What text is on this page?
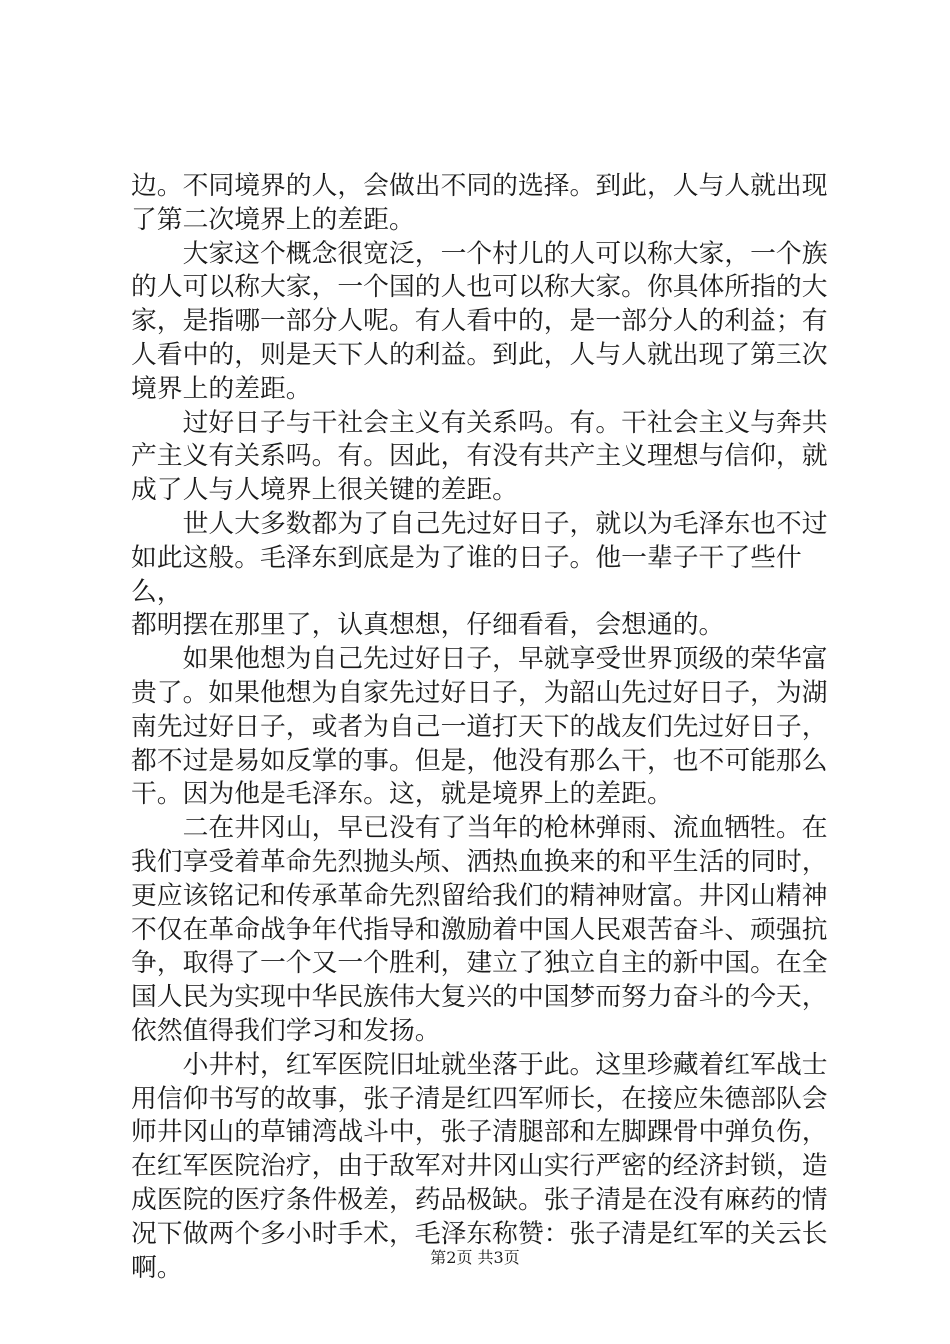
边。不同境界的人，会做出不同的选择。到此，人与人就出现
了第二次境界上的差距。

大家这个概念很宽泛，一个村儿的人可以称大家，一个族
的人可以称大家，一个国的人也可以称大家。你具体所指的大
家，是指哪一部分人呢。有人看中的，是一部分人的利益；有
人看中的，则是天下人的利益。到此，人与人就出现了第三次
境界上的差距。

过好日子与干社会主义有关系吗。有。干社会主义与奔共
产主义有关系吗。有。因此，有没有共产主义理想与信仰，就
成了人与人境界上很关键的差距。

世人大多数都为了自己先过好日子，就以为毛泽东也不过
如此这般。毛泽东到底是为了谁的日子。他一辈子干了些什么，
都明摆在那里了，认真想想，仔细看看，会想通的。

如果他想为自己先过好日子，早就享受世界顶级的荣华富
贵了。如果他想为自家先过好日子，为韶山先过好日子，为湖
南先过好日子，或者为自己一道打天下的战友们先过好日子，
都不过是易如反掌的事。但是，他没有那么干，也不可能那么
干。因为他是毛泽东。这，就是境界上的差距。

二在井冈山，早已没有了当年的枪林弹雨、流血牺牲。在
我们享受着革命先烈抛头颅、洒热血换来的和平生活的同时，
更应该铭记和传承革命先烈留给我们的精神财富。井冈山精神
不仅在革命战争年代指导和激励着中国人民艰苦奋斗、顽强抗
争，取得了一个又一个胜利，建立了独立自主的新中国。在全
国人民为实现中华民族伟大复兴的中国梦而努力奋斗的今天，
依然值得我们学习和发扬。

小井村，红军医院旧址就坐落于此。这里珍藏着红军战士
用信仰书写的故事，张子清是红四军师长，在接应朱德部队会
师井冈山的草铺湾战斗中，张子清腿部和左脚踝骨中弹负伤，
在红军医院治疗，由于敌军对井冈山实行严密的经济封锁，造
成医院的医疗条件极差，药品极缺。张子清是在没有麻药的情
况下做两个多小时手术，毛泽东称赞：张子清是红军的关云长
啊。	第2页 共3页
